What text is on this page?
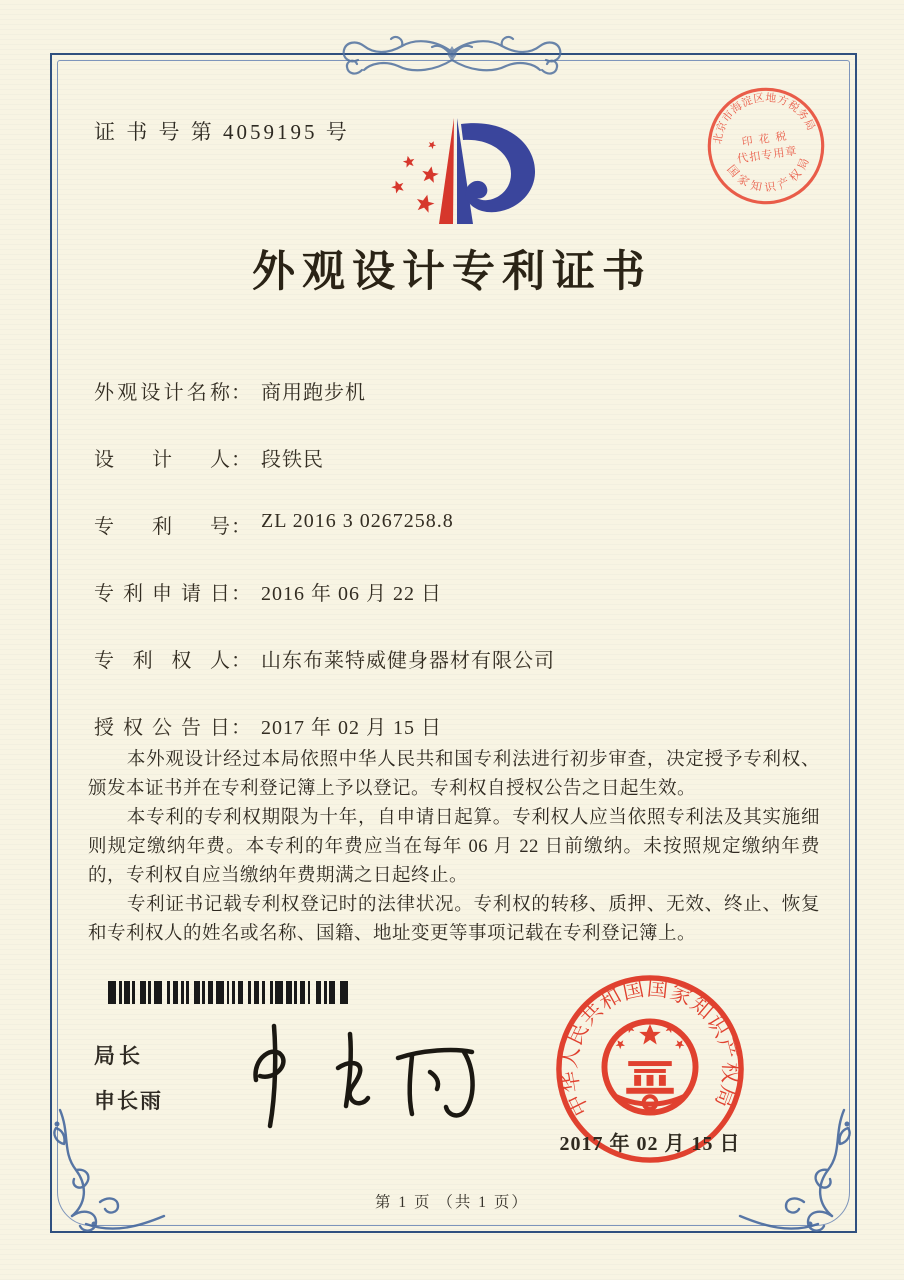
证 书 号 第 4059195 号	北京市海淀区地方税务局
国家知识产权局
印 花 税
代扣专用章
外观设计专利证书
外观设计名称 ： 商用跑步机
设 计 人 ： 段铁民
专 利 号 ： ZL 2016 3 0267258.8
专利申请日 ： 2016 年 06 月 22 日
专 利 权 人 ： 山东布莱特威健身器材有限公司
授权公告日 ： 2017 年 02 月 15 日

本外观设计经过本局依照中华人民共和国专利法进行初步审查，决定授予专利权、颁发本证书并在专利登记簿上予以登记。专利权自授权公告之日起生效。

本专利的专利权期限为十年，自申请日起算。专利权人应当依照专利法及其实施细则规定缴纳年费。本专利的年费应当在每年 06 月 22 日前缴纳。未按照规定缴纳年费的，专利权自应当缴纳年费期满之日起终止。

专利证书记载专利权登记时的法律状况。专利权的转移、质押、无效、终止、恢复和专利权人的姓名或名称、国籍、地址变更等事项记载在专利登记簿上。

局长
申长雨	中华人民共和国国家知识产权局
2017 年 02 月 15 日
第 1 页 （共 1 页）
